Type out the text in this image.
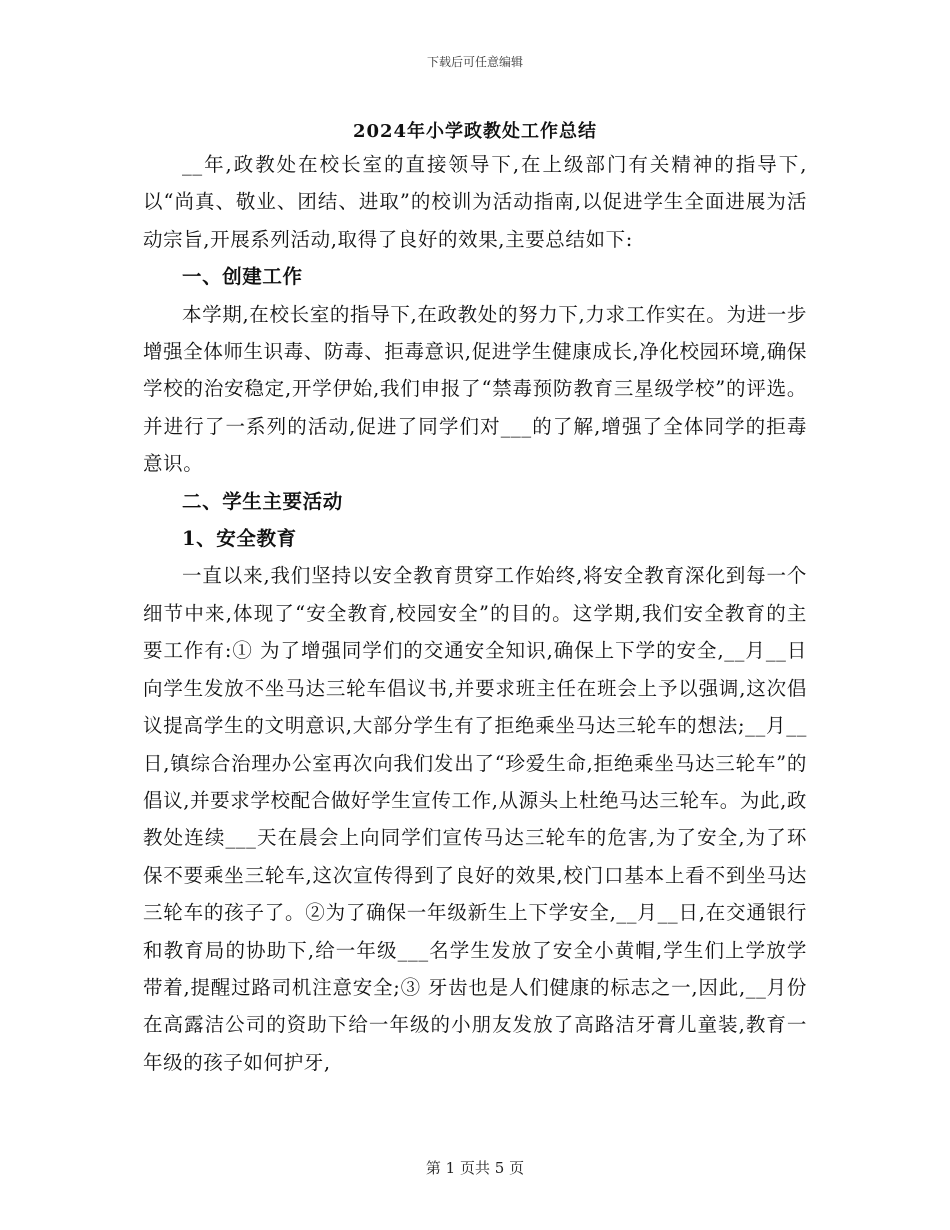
下载后可任意编辑
2024年小学政教处工作总结

__年,政教处在校长室的直接领导下,在上级部门有关精神的指导下,以“尚真、敬业、团结、进取”的校训为活动指南,以促进学生全面进展为活动宗旨,开展系列活动,取得了良好的效果,主要总结如下:

一、创建工作

本学期,在校长室的指导下,在政教处的努力下,力求工作实在。为进一步增强全体师生识毒、防毒、拒毒意识,促进学生健康成长,净化校园环境,确保学校的治安稳定,开学伊始,我们申报了“禁毒预防教育三星级学校”的评选。并进行了一系列的活动,促进了同学们对___的了解,增强了全体同学的拒毒意识。

二、学生主要活动

1、安全教育

一直以来,我们坚持以安全教育贯穿工作始终,将安全教育深化到每一个细节中来,体现了“安全教育,校园安全”的目的。这学期,我们安全教育的主要工作有:① 为了增强同学们的交通安全知识,确保上下学的安全,__月__日向学生发放不坐马达三轮车倡议书,并要求班主任在班会上予以强调,这次倡议提高学生的文明意识,大部分学生有了拒绝乘坐马达三轮车的想法;__月__日,镇综合治理办公室再次向我们发出了“珍爱生命,拒绝乘坐马达三轮车”的倡议,并要求学校配合做好学生宣传工作,从源头上杜绝马达三轮车。为此,政教处连续___天在晨会上向同学们宣传马达三轮车的危害,为了安全,为了环保不要乘坐三轮车,这次宣传得到了良好的效果,校门口基本上看不到坐马达三轮车的孩子了。②为了确保一年级新生上下学安全,__月__日,在交通银行和教育局的协助下,给一年级___名学生发放了安全小黄帽,学生们上学放学带着,提醒过路司机注意安全;③ 牙齿也是人们健康的标志之一,因此,__月份在高露洁公司的资助下给一年级的小朋友发放了高路洁牙膏儿童装,教育一年级的孩子如何护牙,

第 1 页共 5 页
